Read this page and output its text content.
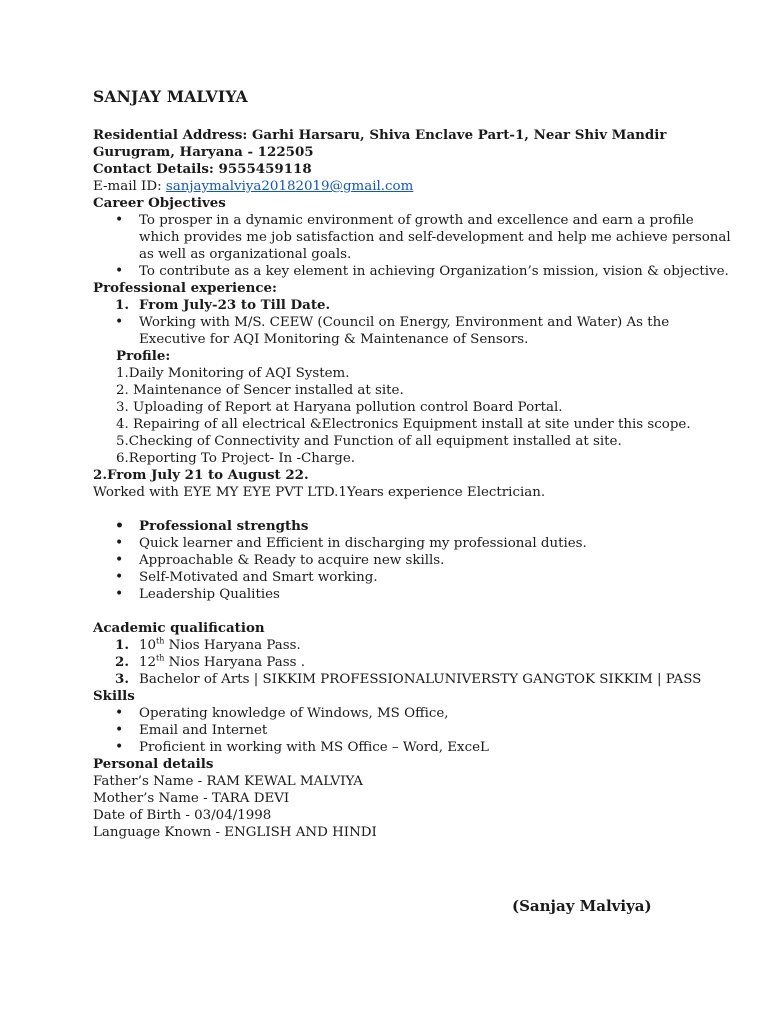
SANJAY MALVIYA
Residential Address: Garhi Harsaru, Shiva Enclave Part-1, Near Shiv Mandir
Gurugram, Haryana - 122505
Contact Details: 9555459118
E-mail ID: sanjaymalviya20182019@gmail.com
Career Objectives
• To prosper in a dynamic environment of growth and excellence and earn a profile which provides me job satisfaction and self-development and help me achieve personal as well as organizational goals.
• To contribute as a key element in achieving Organization’s mission, vision & objective.
Professional experience:
1. From July-23 to Till Date.
• Working with M/S. CEEW (Council on Energy, Environment and Water) As the Executive for AQI Monitoring & Maintenance of Sensors.
Profile:
1.Daily Monitoring of AQI System.
2. Maintenance of Sencer installed at site.
3. Uploading of Report at Haryana pollution control Board Portal.
4. Repairing of all electrical &Electronics Equipment install at site under this scope.
5.Checking of Connectivity and Function of all equipment installed at site.
6.Reporting To Project- In -Charge.
2.From July 21 to August 22.
Worked with EYE MY EYE PVT LTD.1Years experience Electrician.
• Professional strengths
• Quick learner and Efficient in discharging my professional duties.
• Approachable & Ready to acquire new skills.
• Self-Motivated and Smart working.
• Leadership Qualities
Academic qualification
1. 10th Nios Haryana Pass.
2. 12th Nios Haryana Pass .
3. Bachelor of Arts | SIKKIM PROFESSIONALUNIVERSTY GANGTOK SIKKIM | PASS
Skills
• Operating knowledge of Windows, MS Office,
• Email and Internet
• Proficient in working with MS Office – Word, ExceL
Personal details
Father’s Name - RAM KEWAL MALVIYA
Mother’s Name - TARA DEVI
Date of Birth - 03/04/1998
Language Known - ENGLISH AND HINDI
(Sanjay Malviya)
